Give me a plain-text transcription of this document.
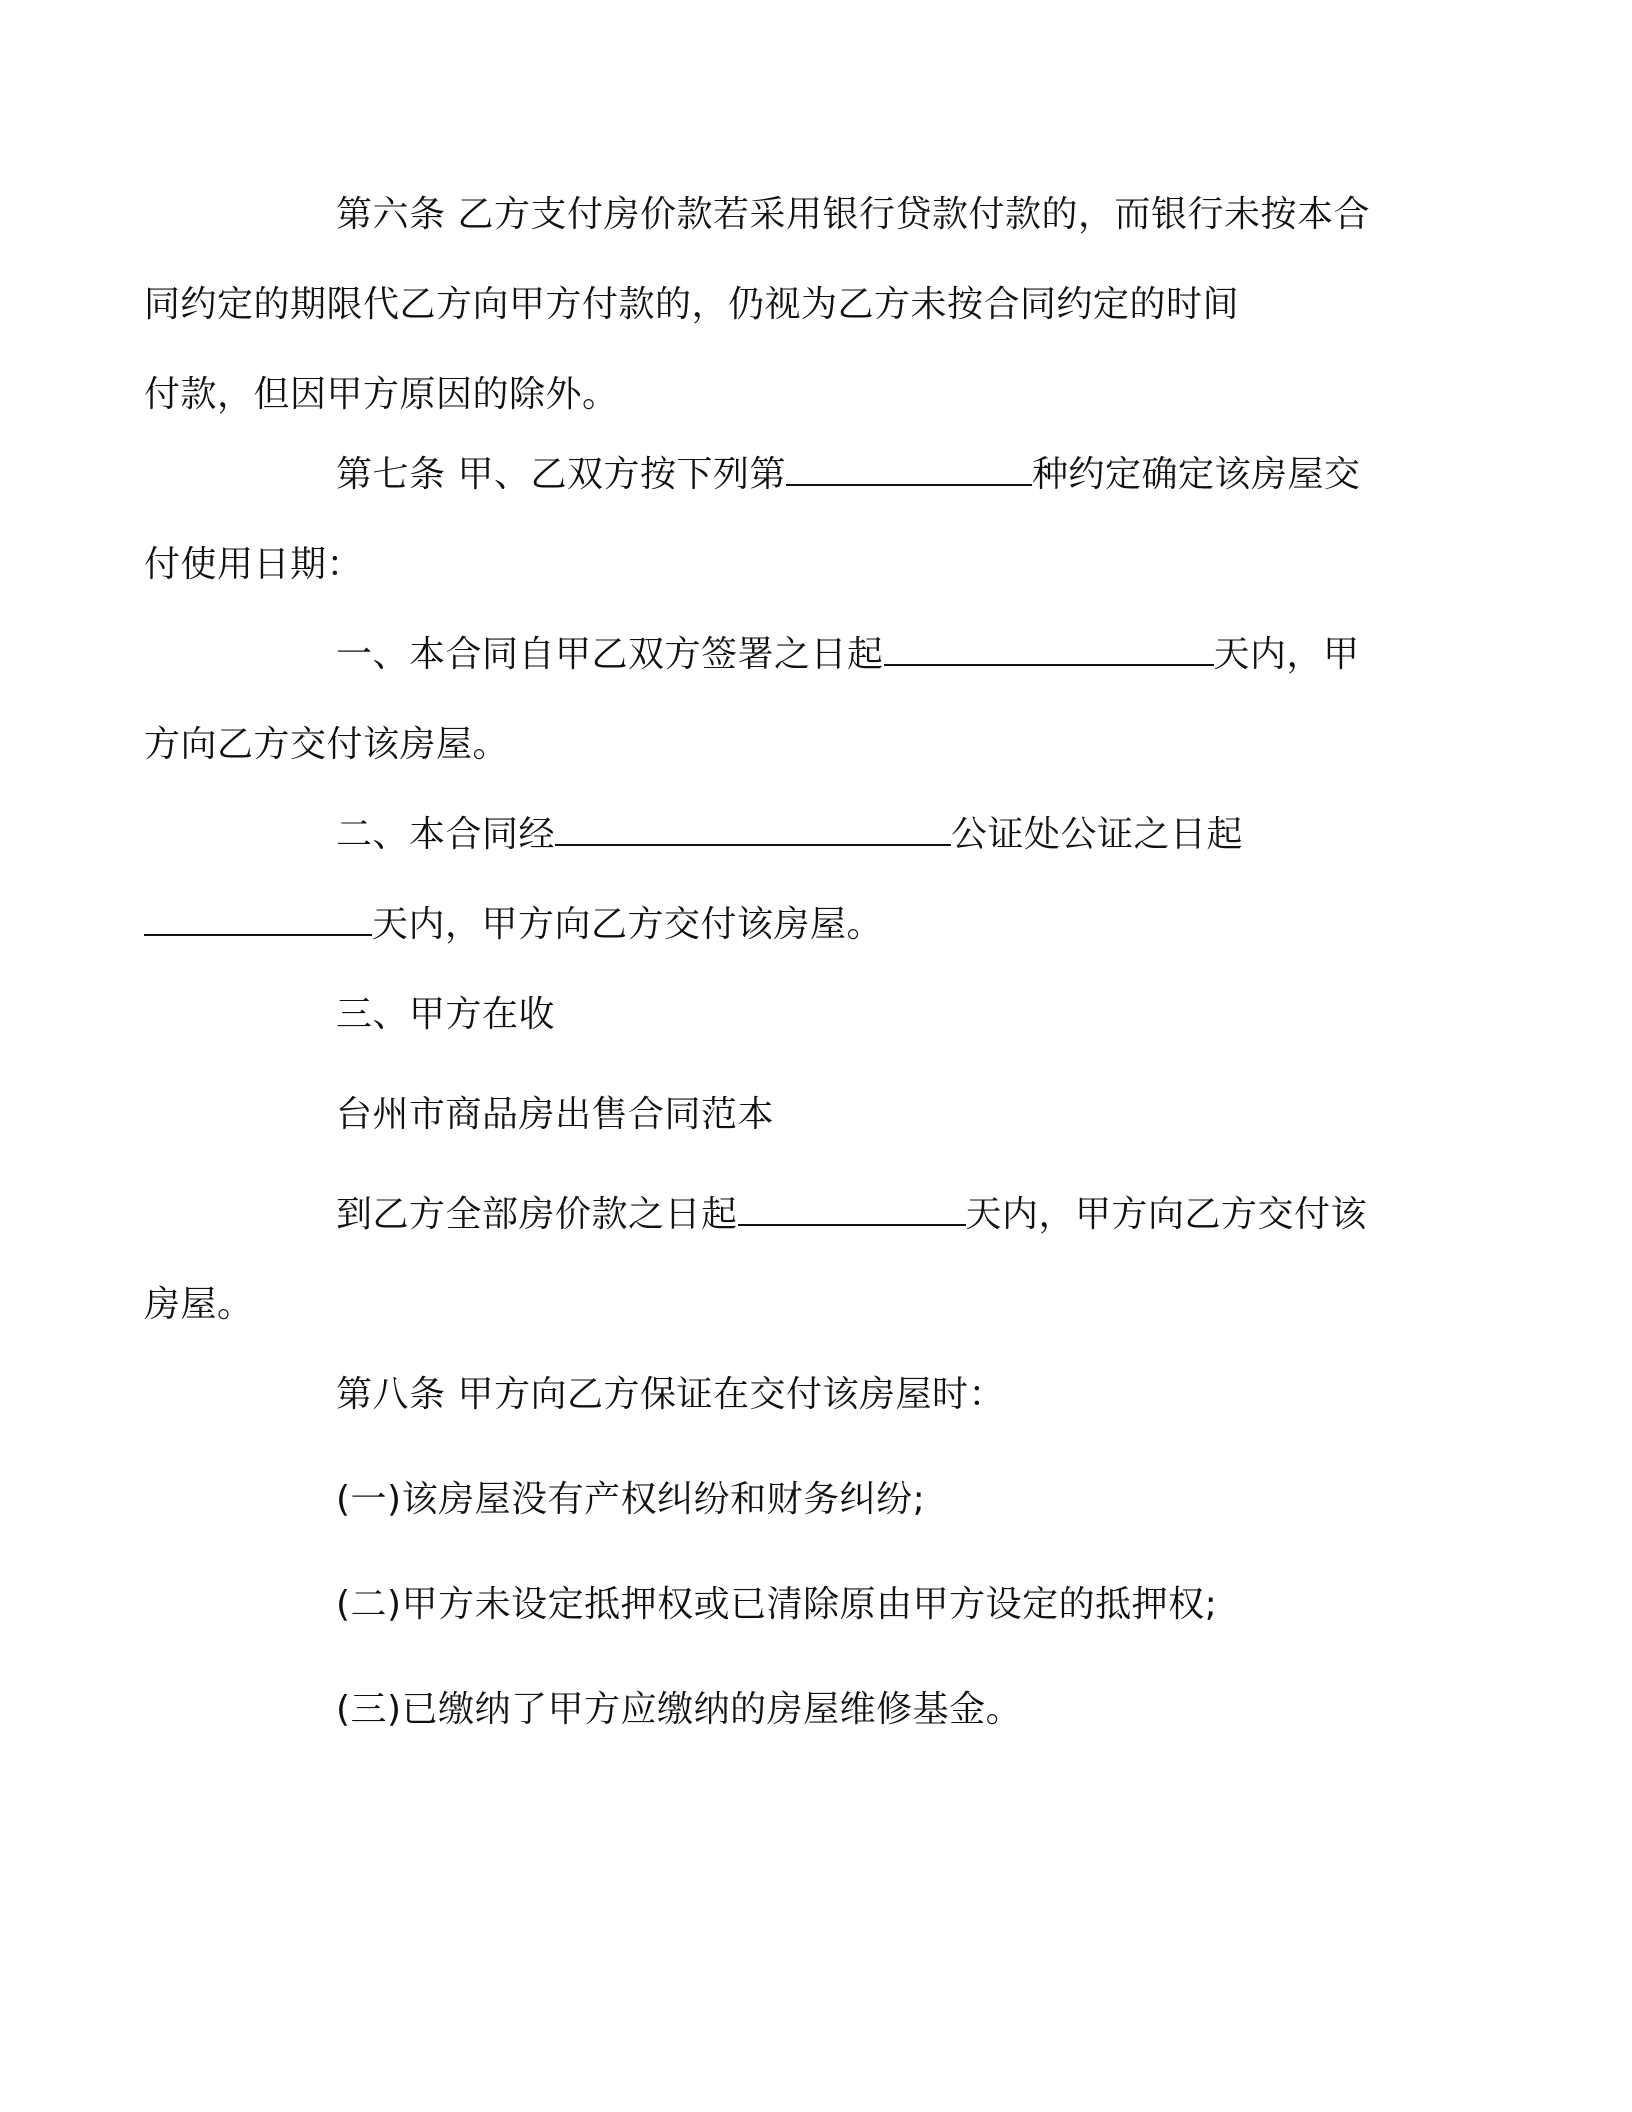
第六条 乙方支付房价款若采用银行贷款付款的，而银行未按本合
同约定的期限代乙方向甲方付款的，仍视为乙方未按合同约定的时间
付款，但因甲方原因的除外。
第七条 甲、乙双方按下列第	种约定确定该房屋交
付使用日期：
一、本合同自甲乙双方签署之日起	天内，甲
方向乙方交付该房屋。
二、本合同经	公证处公证之日起
天内，甲方向乙方交付该房屋。
三、甲方在收
台州市商品房出售合同范本
到乙方全部房价款之日起	天内，甲方向乙方交付该
房屋。
第八条 甲方向乙方保证在交付该房屋时：
(一)该房屋没有产权纠纷和财务纠纷;
(二)甲方未设定抵押权或已清除原由甲方设定的抵押权;
(三)已缴纳了甲方应缴纳的房屋维修基金。
